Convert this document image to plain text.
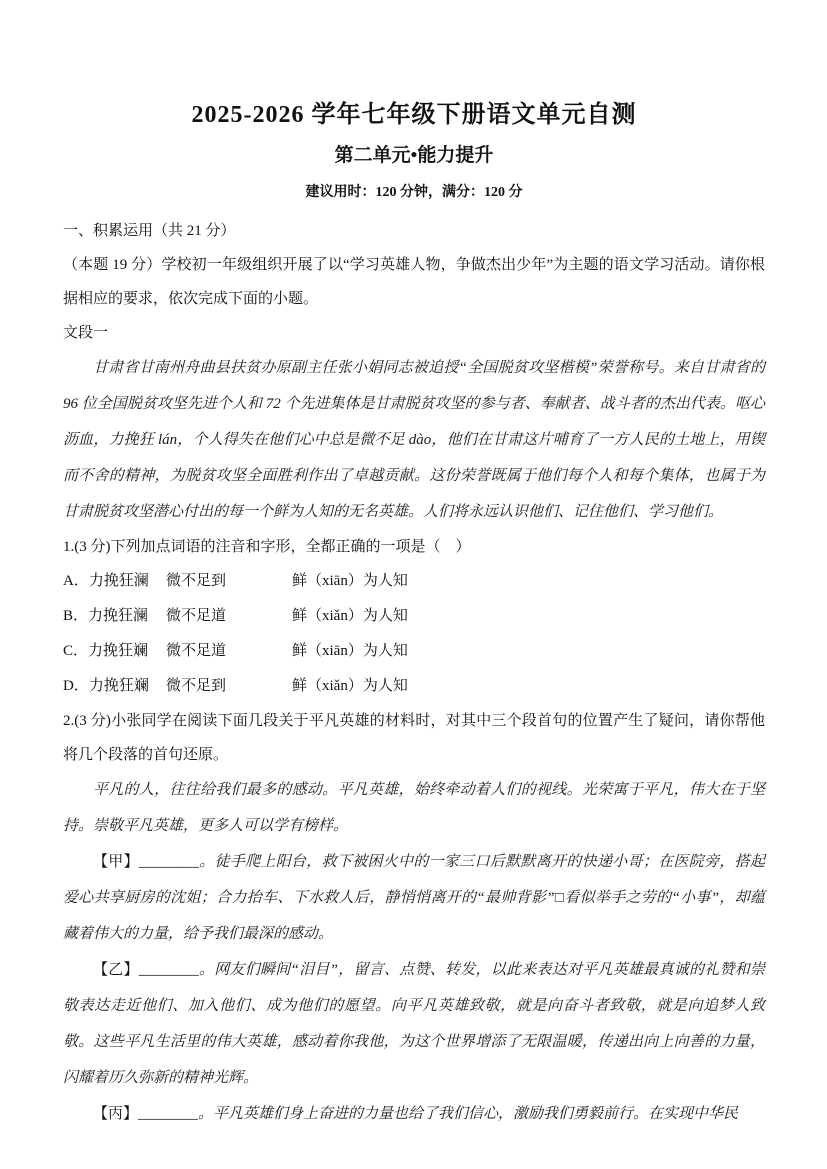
2025-2026 学年七年级下册语文单元自测
第二单元•能力提升

建议用时：120 分钟，满分：120 分

一、积累运用（共 21 分）

（本题 19 分）学校初一年级组织开展了以“学习英雄人物，争做杰出少年”为主题的语文学习活动。请你根据相应的要求，依次完成下面的小题。

文段一

甘肃省甘南州舟曲县扶贫办原副主任张小娟同志被追授“全国脱贫攻坚楷模”荣誉称号。来自甘肃省的 96 位全国脱贫攻坚先进个人和 72 个先进集体是甘肃脱贫攻坚的参与者、奉献者、战斗者的杰出代表。呕心沥血，力挽狂 lán，个人得失在他们心中总是微不足 dào，他们在甘肃这片哺育了一方人民的土地上，用锲而不舍的精神，为脱贫攻坚全面胜利作出了卓越贡献。这份荣誉既属于他们每个人和每个集体，也属于为甘肃脱贫攻坚潜心付出的每一个鲜为人知的无名英雄。人们将永远认识他们、记住他们、学习他们。

1.(3 分)下列加点词语的注音和字形，全都正确的一项是（　）

A．力挽狂澜	微不足到	鲜（xiān）为人知
B．力挽狂澜	微不足道	鲜（xiǎn）为人知
C．力挽狂斓	微不足道	鲜（xiān）为人知
D．力挽狂斓	微不足到	鲜（xiǎn）为人知

2.(3 分)小张同学在阅读下面几段关于平凡英雄的材料时，对其中三个段首句的位置产生了疑问，请你帮他将几个段落的首句还原。

平凡的人，往往给我们最多的感动。平凡英雄，始终牵动着人们的视线。光荣寓于平凡，伟大在于坚持。崇敬平凡英雄，更多人可以学有榜样。

【甲】________。徒手爬上阳台，救下被困火中的一家三口后默默离开的快递小哥；在医院旁，搭起爱心共享厨房的沈姐；合力抬车、下水救人后，静悄悄离开的“最帅背影”□看似举手之劳的“小事”，却蕴藏着伟大的力量，给予我们最深的感动。

【乙】________。网友们瞬间“泪目”，留言、点赞、转发，以此来表达对平凡英雄最真诚的礼赞和崇敬表达走近他们、加入他们、成为他们的愿望。向平凡英雄致敬，就是向奋斗者致敬，就是向追梦人致敬。这些平凡生活里的伟大英雄，感动着你我他，为这个世界增添了无限温暖，传递出向上向善的力量，闪耀着历久弥新的精神光辉。

【丙】________。平凡英雄们身上奋进的力量也给了我们信心，激励我们勇毅前行。在实现中华民
